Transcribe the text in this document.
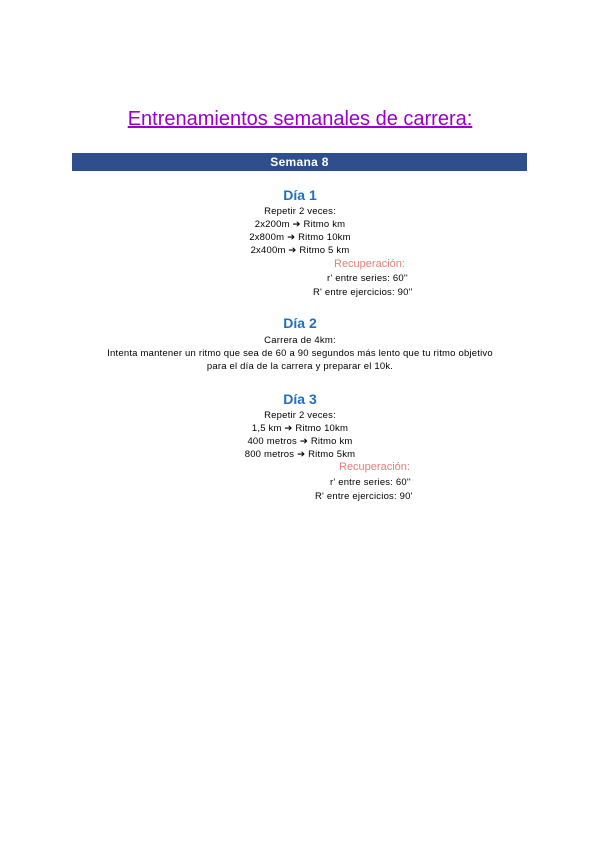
Entrenamientos semanales de carrera:
Semana 8
Día 1
Repetir 2 veces:
2x200m ➔ Ritmo km
2x800m ➔ Ritmo 10km
2x400m ➔ Ritmo 5 km
Recuperación:
r' entre series: 60''
R' entre ejercicios: 90''
Día 2
Carrera de 4km:
Intenta mantener un ritmo que sea de 60 a 90 segundos más lento que tu ritmo objetivo
para el día de la carrera y preparar el 10k.
Día 3
Repetir 2 veces:
1,5 km ➔ Ritmo 10km
400 metros ➔ Ritmo km
800 metros ➔ Ritmo 5km
Recuperación:
r' entre series: 60''
R' entre ejercicios: 90'
